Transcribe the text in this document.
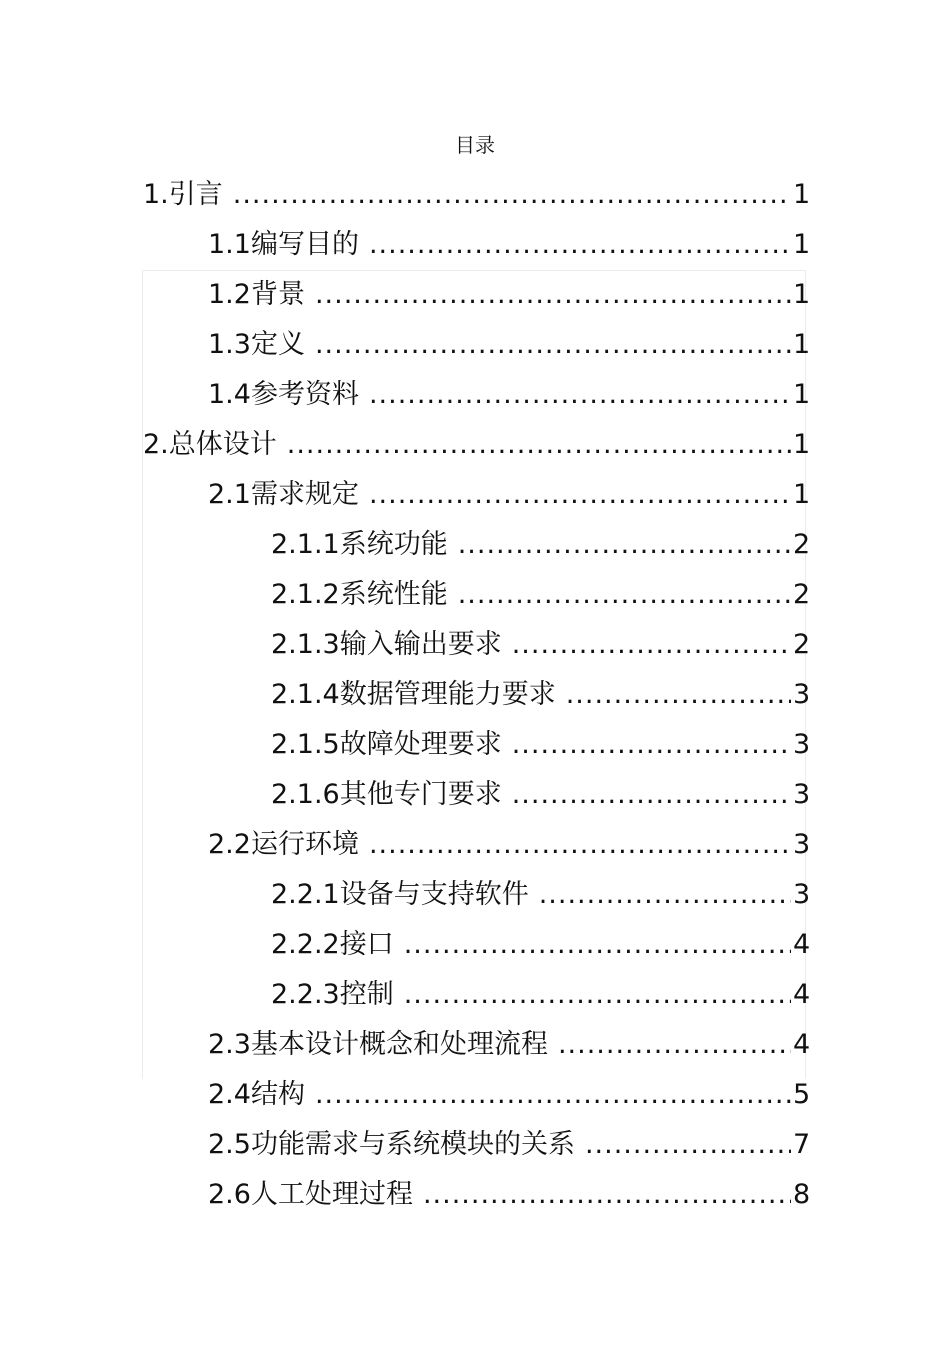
目录
1. 引言 .....	1
1.1 编写目的 .....	1
1.2 背景 .....	1
1.3 定义 .....	1
1.4 参考资料 .....	1
2. 总体设计 .....	1
2.1 需求规定 .....	1
2.1.1 系统功能 .....	2
2.1.2 系统性能 .....	2
2.1.3 输入输出要求 .....	2
2.1.4 数据管理能力要求 .....	3
2.1.5 故障处理要求 .....	3
2.1.6 其他专门要求 .....	3
2.2 运行环境 .....	3
2.2.1 设备与支持软件 .....	3
2.2.2 接口 .....	4
2.2.3 控制 .....	4
2.3 基本设计概念和处理流程 .....	4
2.4 结构 .....	5
2.5 功能需求与系统模块的关系 .....	7
2.6 人工处理过程 .....	8
